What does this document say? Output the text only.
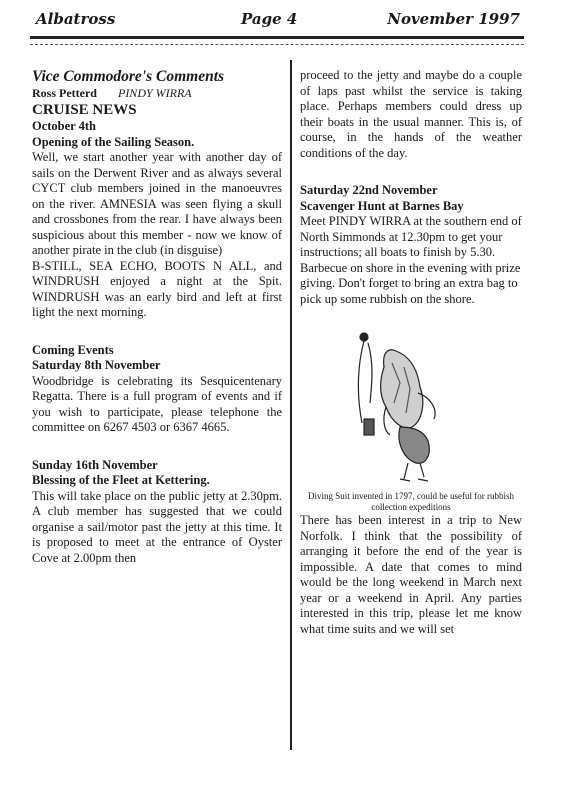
Albatross	Page 4	November 1997

Vice Commodore's Comments

Ross Petterd PINDY WIRRA

CRUISE NEWS

October 4th

Opening of the Sailing Season.

Well, we start another year with another day of sails on the Derwent River and as always several CYCT club members joined in the manoeuvres on the river. AMNESIA was seen flying a skull and crossbones from the rear. I have always been suspicious about this member - now we know of another pirate in the club (in disguise)

B-STILL, SEA ECHO, BOOTS N ALL, and WINDRUSH enjoyed a night at the Spit. WINDRUSH was an early bird and left at first light the next morning.

Coming Events

Saturday 8th November

Woodbridge is celebrating its Sesquicentenary Regatta. There is a full program of events and if you wish to participate, please telephone the committee on 6267 4503 or 6367 4665.

Sunday 16th November

Blessing of the Fleet at Kettering.

This will take place on the public jetty at 2.30pm. A club member has suggested that we could organise a sail/motor past the jetty at this time. It is proposed to meet at the entrance of Oyster Cove at 2.00pm then

proceed to the jetty and maybe do a couple of laps past whilst the service is taking place. Perhaps members could dress up their boats in the usual manner. This is, of course, in the hands of the weather conditions of the day.

Saturday 22nd November

Scavenger Hunt at Barnes Bay

Meet PINDY WIRRA at the southern end of North Simmonds at 12.30pm to get your instructions; all boats to finish by 5.30. Barbecue on shore in the evening with prize giving. Don't forget to bring an extra bag to pick up some rubbish on the shore.

Diving Suit invented in 1797, could be useful for rubbish collection expeditions

There has been interest in a trip to New Norfolk. I think that the possibility of arranging it before the end of the year is impossible. A date that comes to mind would be the long weekend in March next year or a weekend in April. Any parties interested in this trip, please let me know what time suits and we will set
